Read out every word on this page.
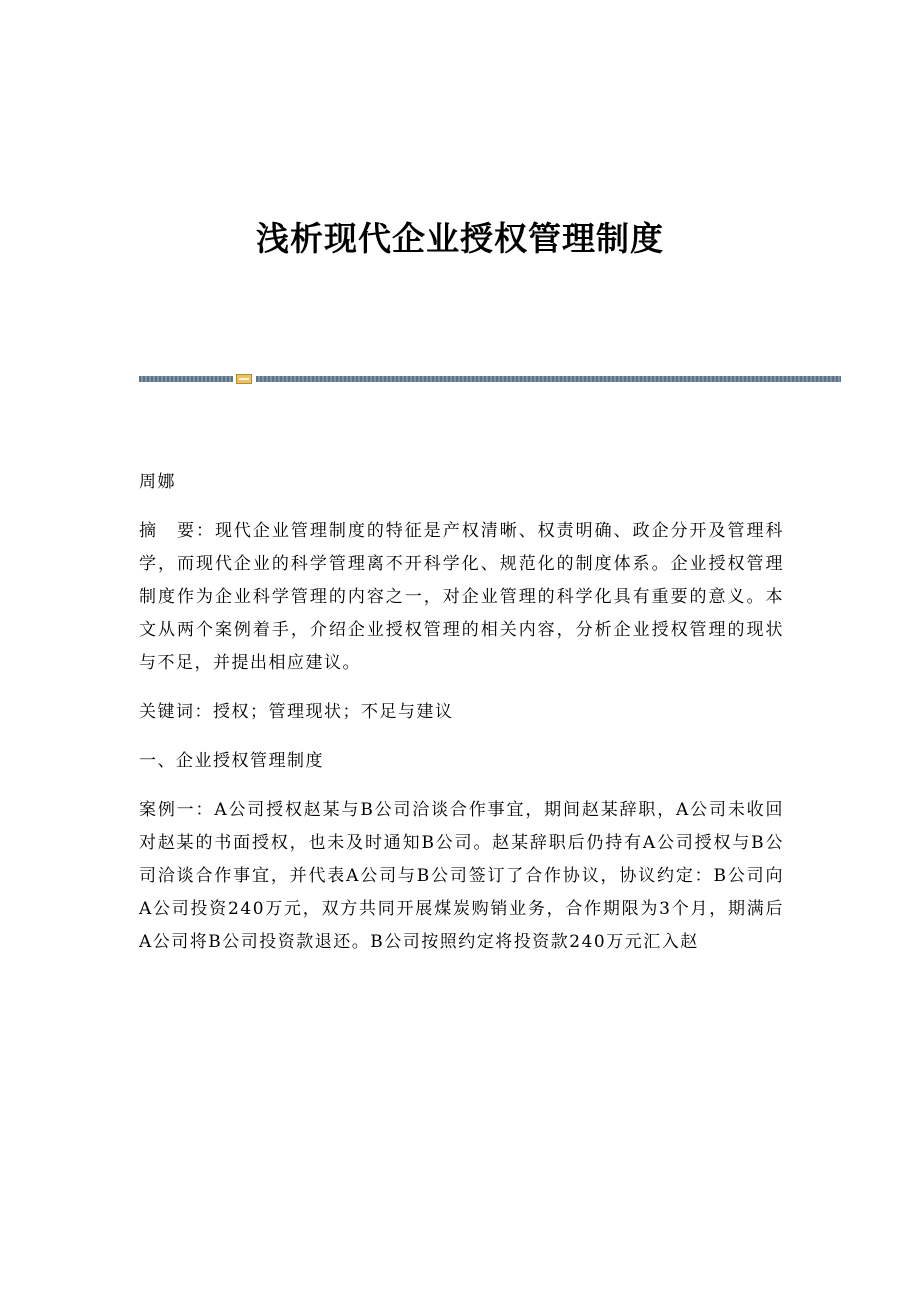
浅析现代企业授权管理制度

周娜

摘　要：现代企业管理制度的特征是产权清晰、权责明确、政企分开及管理科学，而现代企业的科学管理离不开科学化、规范化的制度体系。企业授权管理制度作为企业科学管理的内容之一，对企业管理的科学化具有重要的意义。本文从两个案例着手，介绍企业授权管理的相关内容，分析企业授权管理的现状与不足，并提出相应建议。

关键词：授权；管理现状；不足与建议

一、企业授权管理制度

案例一：A公司授权赵某与B公司洽谈合作事宜，期间赵某辞职，A公司未收回对赵某的书面授权，也未及时通知B公司。赵某辞职后仍持有A公司授权与B公司洽谈合作事宜，并代表A公司与B公司签订了合作协议，协议约定：B公司向A公司投资240万元，双方共同开展煤炭购销业务，合作期限为3个月，期满后A公司将B公司投资款退还。B公司按照约定将投资款240万元汇入赵
